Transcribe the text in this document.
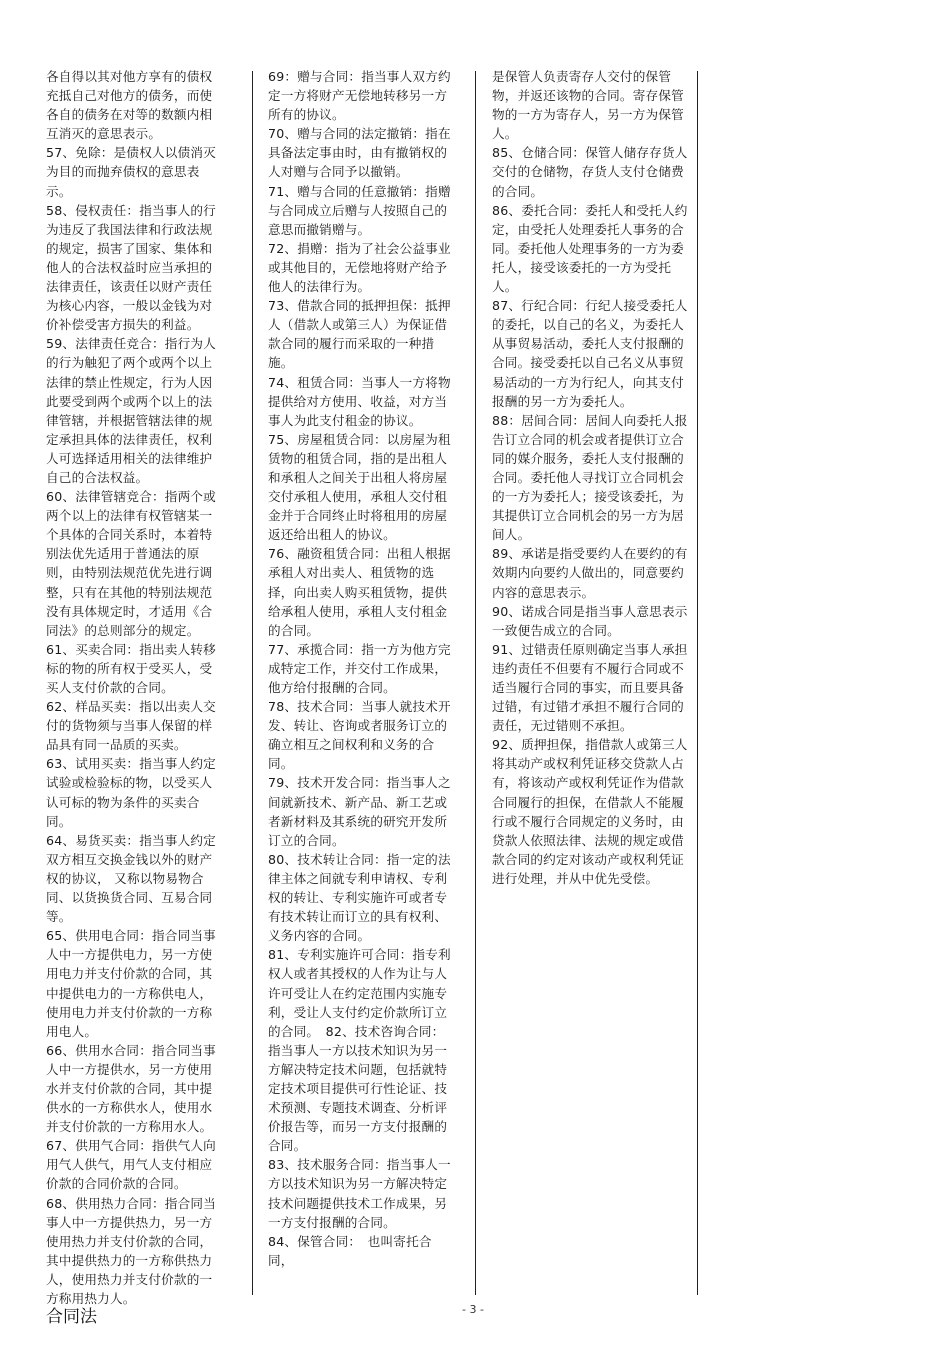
各自得以其对他方享有的债权充抵自己对他方的债务，而使各自的债务在对等的数额内相互消灭的意思表示。

57、免除：是债权人以债消灭为目的而抛弃债权的意思表示。

58、侵权责任：指当事人的行为违反了我国法律和行政法规的规定，损害了国家、集体和他人的合法权益时应当承担的法律责任，该责任以财产责任为核心内容，一般以金钱为对价补偿受害方损失的利益。

59、法律责任竞合：指行为人的行为触犯了两个或两个以上法律的禁止性规定，行为人因此要受到两个或两个以上的法律管辖，并根据管辖法律的规定承担具体的法律责任，权利人可选择适用相关的法律维护自己的合法权益。

60、法律管辖竞合：指两个或两个以上的法律有权管辖某一个具体的合同关系时，本着特别法优先适用于普通法的原则，由特别法规范优先进行调整，只有在其他的特别法规范没有具体规定时，才适用《合同法》的总则部分的规定。

61、买卖合同：指出卖人转移标的物的所有权于受买人，受买人支付价款的合同。

62、样品买卖：指以出卖人交付的货物须与当事人保留的样品具有同一品质的买卖。

63、试用买卖：指当事人约定试验或检验标的物，以受买人认可标的物为条件的买卖合同。

64、易货买卖：指当事人约定双方相互交换金钱以外的财产权的协议， 又称以物易物合同、以货换货合同、互易合同等。

65、供用电合同：指合同当事人中一方提供电力，另一方使用电力并支付价款的合同，其中提供电力的一方称供电人，使用电力并支付价款的一方称用电人。

66、供用水合同：指合同当事人中一方提供水，另一方使用水并支付价款的合同，其中提供水的一方称供水人，使用水并支付价款的一方称用水人。

67、供用气合同：指供气人向用气人供气，用气人支付相应价款的合同价款的合同。

68、供用热力合同：指合同当事人中一方提供热力，另一方使用热力并支付价款的合同，其中提供热力的一方称供热力人，使用热力并支付价款的一方称用热力人。

69：赠与合同：指当事人双方约定一方将财产无偿地转移另一方所有的协议。

70、赠与合同的法定撤销：指在具备法定事由时，由有撤销权的人对赠与合同予以撤销。

71、赠与合同的任意撤销：指赠与合同成立后赠与人按照自己的意思而撤销赠与。

72、捐赠：指为了社会公益事业或其他目的，无偿地将财产给予他人的法律行为。

73、借款合同的抵押担保：抵押人（借款人或第三人）为保证借款合同的履行而采取的一种措施。

74、租赁合同：当事人一方将物提供给对方使用、收益，对方当事人为此支付租金的协议。

75、房屋租赁合同：以房屋为租赁物的租赁合同，指的是出租人和承租人之间关于出租人将房屋交付承租人使用，承租人交付租金并于合同终止时将租用的房屋返还给出租人的协议。

76、融资租赁合同：出租人根据承租人对出卖人、租赁物的选择，向出卖人购买租赁物，提供给承租人使用，承租人支付租金的合同。

77、承揽合同：指一方为他方完成特定工作，并交付工作成果，他方给付报酬的合同。

78、技术合同：当事人就技术开发、转让、咨询或者服务订立的确立相互之间权利和义务的合同。

79、技术开发合同：指当事人之间就新技术、新产品、新工艺或者新材料及其系统的研究开发所订立的合同。

80、技术转让合同：指一定的法律主体之间就专利申请权、专利权的转让、专利实施许可或者专有技术转让而订立的具有权利、义务内容的合同。

81、专利实施许可合同：指专利权人或者其授权的人作为让与人许可受让人在约定范围内实施专利，受让人支付约定价款所订立的合同。　82、技术咨询合同：指当事人一方以技术知识为另一方解决特定技术问题，包括就特定技术项目提供可行性论证、技术预测、专题技术调查、分析评价报告等，而另一方支付报酬的合同。

83、技术服务合同：指当事人一方以技术知识为另一方解决特定技术问题提供技术工作成果，另一方支付报酬的合同。

84、保管合同：　也叫寄托合同，

是保管人负责寄存人交付的保管物，并返还该物的合同。寄存保管物的一方为寄存人，另一方为保管人。

85、仓储合同：保管人储存存货人交付的仓储物，存货人支付仓储费的合同。

86、委托合同：委托人和受托人约定，由受托人处理委托人事务的合同。委托他人处理事务的一方为委托人，接受该委托的一方为受托人。

87、行纪合同：行纪人接受委托人的委托，以自己的名义，为委托人从事贸易活动，委托人支付报酬的合同。接受委托以自己名义从事贸易活动的一方为行纪人，向其支付报酬的另一方为委托人。

88：居间合同：居间人向委托人报告订立合同的机会或者提供订立合同的媒介服务，委托人支付报酬的合同。委托他人寻找订立合同机会的一方为委托人；接受该委托，为其提供订立合同机会的另一方为居间人。

89、承诺是指受要约人在要约的有效期内向要约人做出的，同意要约内容的意思表示。

90、诺成合同是指当事人意思表示一致便告成立的合同。

91、过错责任原则确定当事人承担违约责任不但要有不履行合同或不适当履行合同的事实，而且要具备过错，有过错才承担不履行合同的责任，无过错则不承担。

92、质押担保，指借款人或第三人将其动产或权利凭证移交贷款人占有，将该动产或权利凭证作为借款合同履行的担保，在借款人不能履行或不履行合同规定的义务时，由贷款人依照法律、法规的规定或借款合同的约定对该动产或权利凭证进行处理，并从中优先受偿。

合同法	- 3 -
